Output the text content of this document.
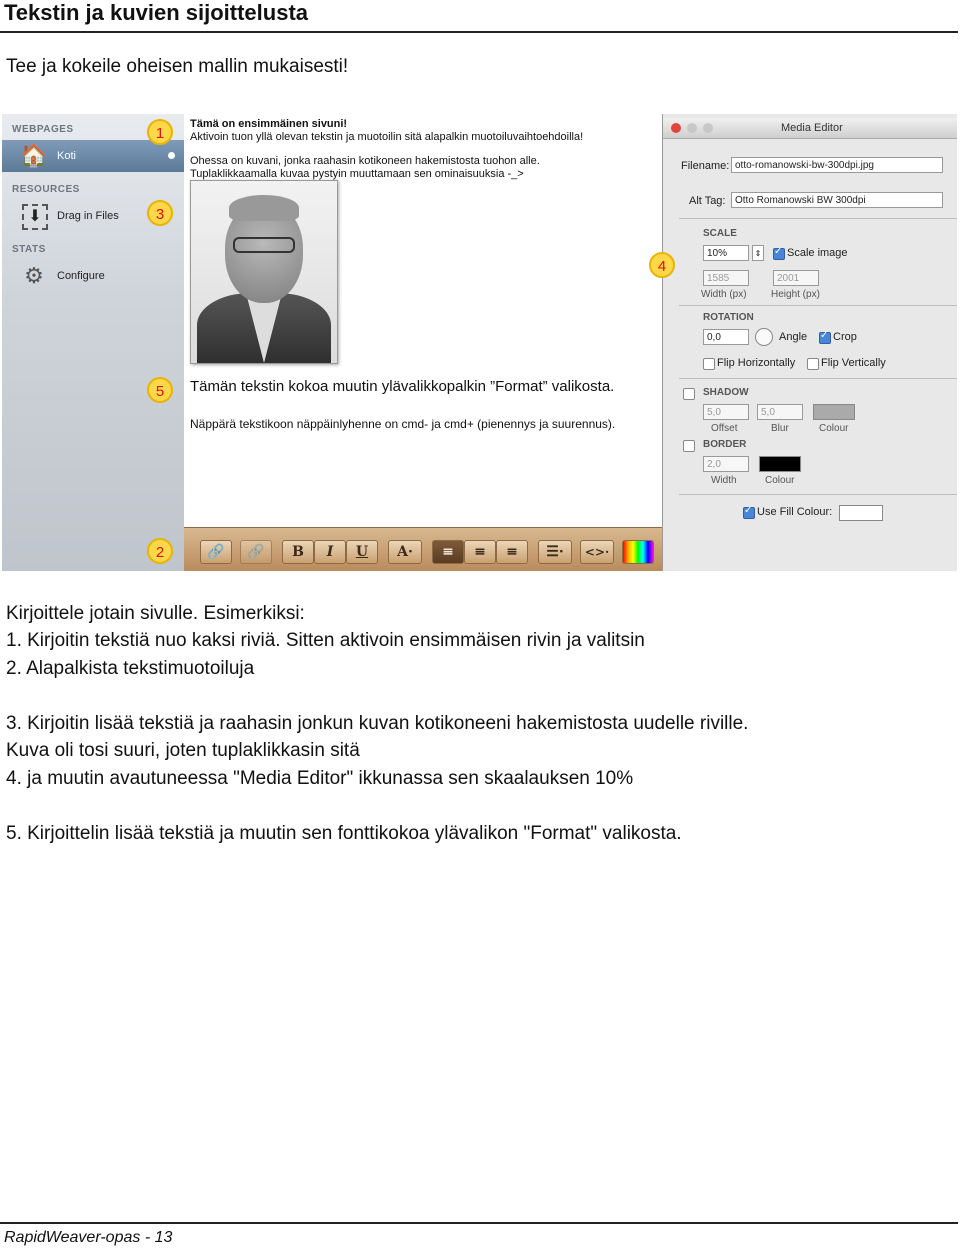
Tekstin ja kuvien sijoittelusta
Tee ja kokeile oheisen mallin mukaisesti!
WEBPAGES
🏠 Koti
RESOURCES
⬇	Drag in Files
STATS
⚙	Configure
Tämä on ensimmäinen sivuni!
Aktivoin tuon yllä olevan tekstin ja muotoilin sitä alapalkin muotoiluvaihtoehdoilla!
Ohessa on kuvani, jonka raahasin kotikoneen hakemistosta tuohon alle.
Tuplaklikkaamalla kuvaa pystyin muuttamaan sen ominaisuuksia -_>
Tämän tekstin kokoa muutin ylävalikkopalkin ”Format” valikosta.
Näppärä tekstikoon näppäinlyhenne on cmd- ja cmd+ (pienennys ja suurennus).
🔗	🔗	B	I	U	A·	≡	≡	≡	☰·	<>·
Media Editor
Filename: otto-romanowski-bw-300dpi.jpg
Alt Tag: Otto Romanowski BW 300dpi
SCALE
10%	⇕ ✓ Scale image
1585	2001
Width (px) Height (px)
ROTATION
0,0	Angle ✓ Crop
Flip Horizontally Flip Vertically
SHADOW
5,0	5,0
Offset	Blur	Colour
BORDER
2,0
Width	Colour
✓
Use Fill Colour:
1
2
3
4
5
Kirjoittele jotain sivulle. Esimerkiksi:
1. Kirjoitin tekstiä nuo kaksi riviä. Sitten aktivoin ensimmäisen rivin ja valitsin
2. Alapalkista tekstimuotoiluja
3. Kirjoitin lisää tekstiä ja raahasin jonkun kuvan kotikoneeni hakemistosta uudelle riville.
Kuva oli tosi suuri, joten tuplaklikkasin sitä
4. ja muutin avautuneessa "Media Editor" ikkunassa sen skaalauksen 10%
5. Kirjoittelin lisää tekstiä ja muutin sen fonttikokoa ylävalikon "Format" valikosta.
RapidWeaver-opas - 13
